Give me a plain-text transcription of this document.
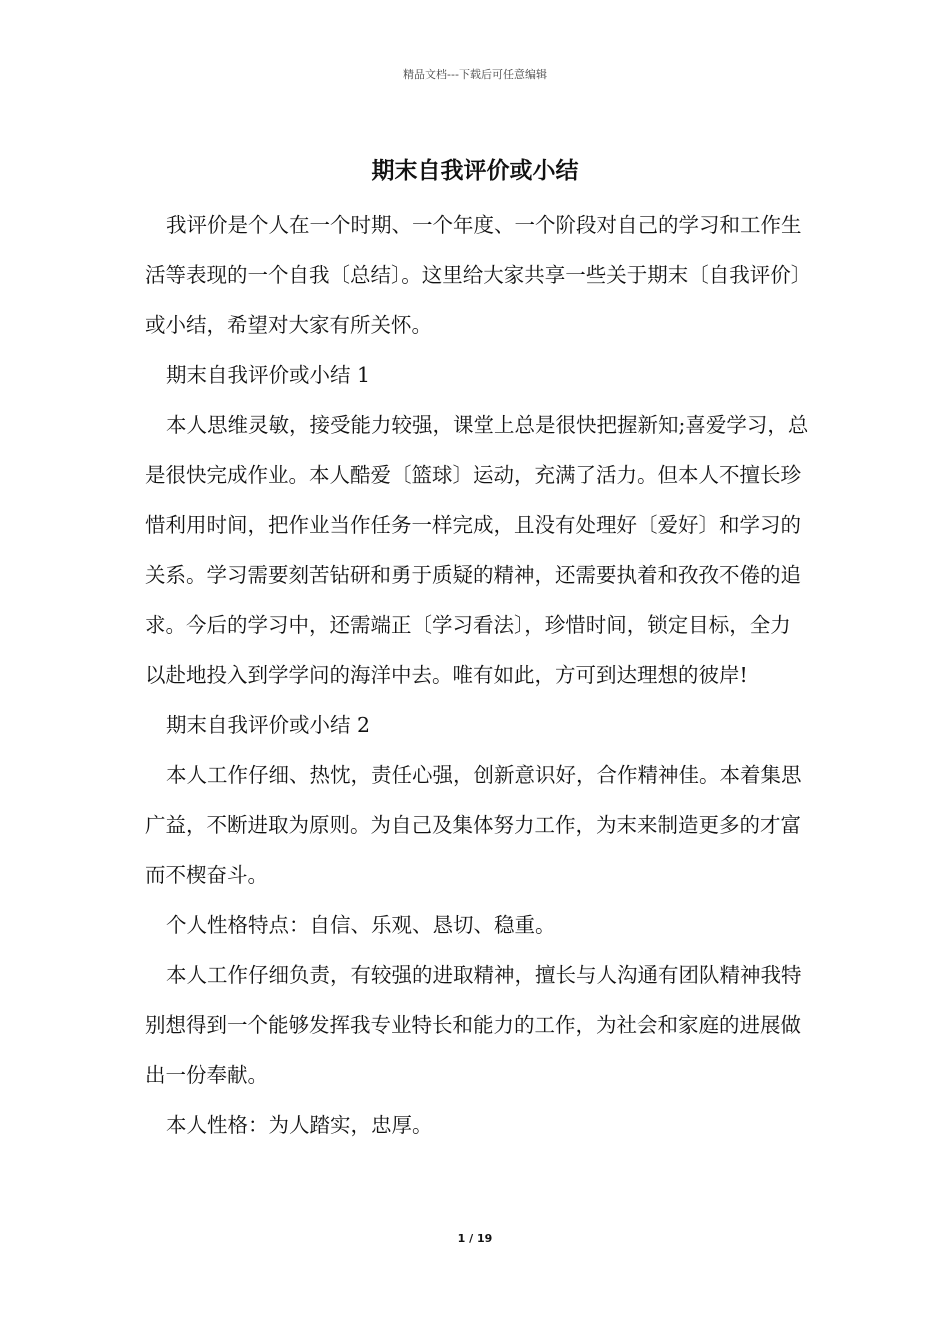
精品文档---下载后可任意编辑
期末自我评价或小结

我评价是个人在一个时期、一个年度、一个阶段对自己的学习和工作生活等表现的一个自我〔总结〕。这里给大家共享一些关于期末〔自我评价〕或小结，希望对大家有所关怀。

期末自我评价或小结 1

本人思维灵敏，接受能力较强，课堂上总是很快把握新知;喜爱学习，总是很快完成作业。本人酷爱〔篮球〕运动，充满了活力。但本人不擅长珍惜利用时间，把作业当作任务一样完成，且没有处理好〔爱好〕和学习的关系。学习需要刻苦钻研和勇于质疑的精神，还需要执着和孜孜不倦的追求。今后的学习中，还需端正〔学习看法〕，珍惜时间，锁定目标，全力以赴地投入到学学问的海洋中去。唯有如此，方可到达理想的彼岸!

期末自我评价或小结 2

本人工作仔细、热忱，责任心强，创新意识好，合作精神佳。本着集思广益，不断进取为原则。为自己及集体努力工作，为末来制造更多的才富而不楔奋斗。

个人性格特点：自信、乐观、恳切、稳重。

本人工作仔细负责，有较强的进取精神，擅长与人沟通有团队精神我特别想得到一个能够发挥我专业特长和能力的工作，为社会和家庭的进展做出一份奉献。

本人性格：为人踏实，忠厚。

1 / 19
